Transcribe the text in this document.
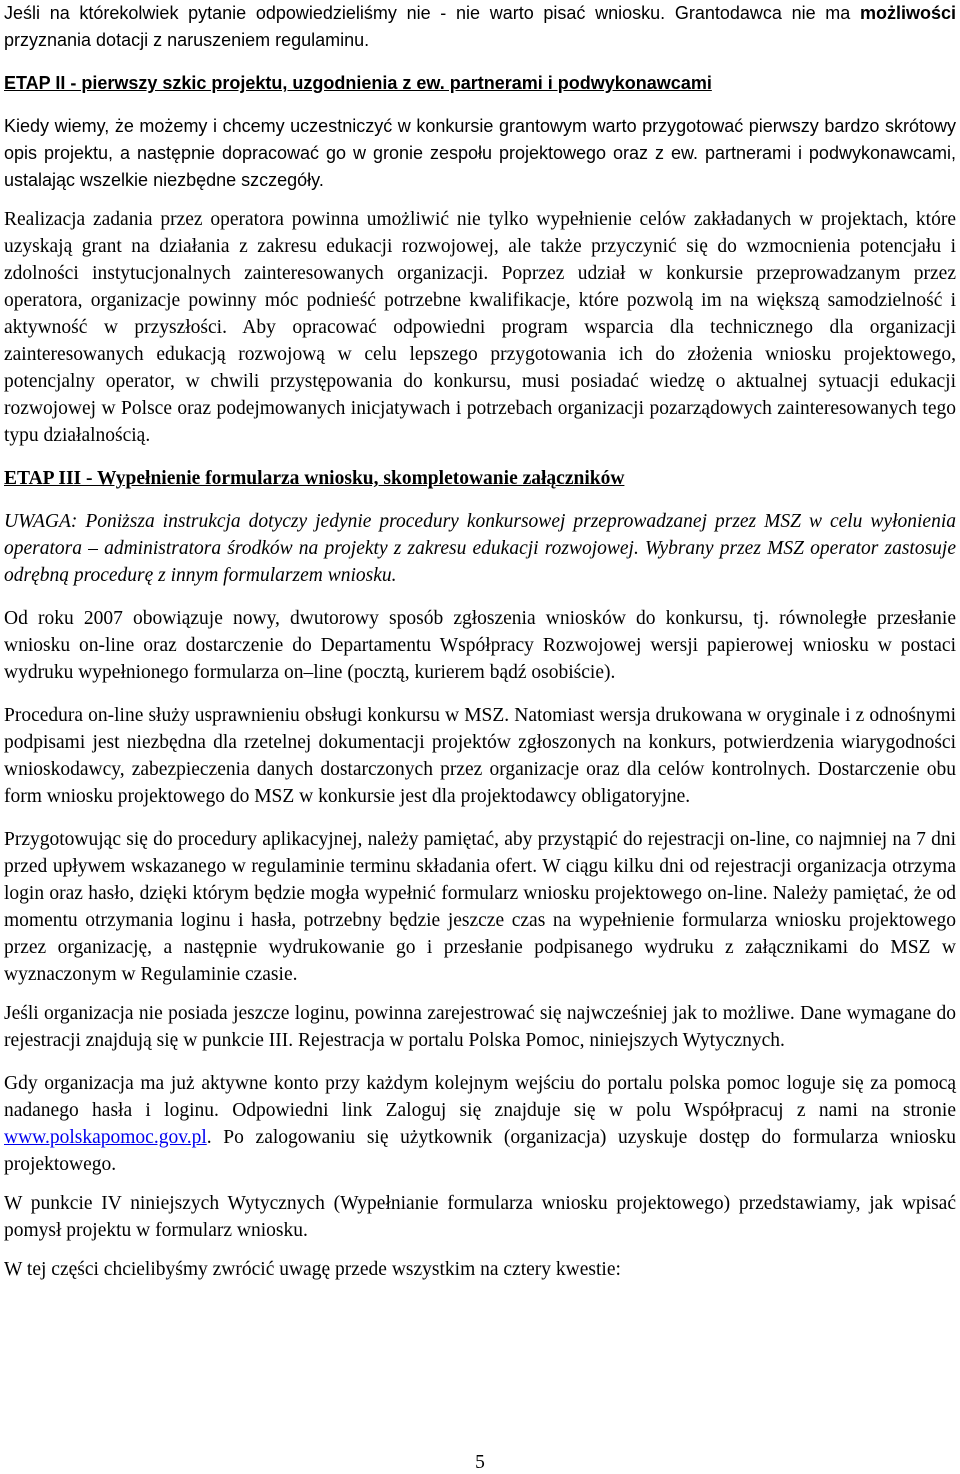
Jeśli na którekolwiek pytanie odpowiedzieliśmy nie - nie warto pisać wniosku. Grantodawca nie ma możliwości przyznania dotacji z naruszeniem regulaminu.

ETAP II - pierwszy szkic projektu, uzgodnienia z ew. partnerami i podwykonawcami

Kiedy wiemy, że możemy i chcemy uczestniczyć w konkursie grantowym warto przygotować pierwszy bardzo skrótowy opis projektu, a następnie dopracować go w gronie zespołu projektowego oraz z ew. partnerami i podwykonawcami, ustalając wszelkie niezbędne szczegóły.

Realizacja zadania przez operatora powinna umożliwić nie tylko wypełnienie celów zakładanych w projektach, które uzyskają grant na działania z zakresu edukacji rozwojowej, ale także przyczynić się do wzmocnienia potencjału i zdolności instytucjonalnych zainteresowanych organizacji. Poprzez udział w konkursie przeprowadzanym przez operatora, organizacje powinny móc podnieść potrzebne kwalifikacje, które pozwolą im na większą samodzielność i aktywność w przyszłości. Aby opracować odpowiedni program wsparcia dla technicznego dla organizacji zainteresowanych edukacją rozwojową w celu lepszego przygotowania ich do złożenia wniosku projektowego, potencjalny operator, w chwili przystępowania do konkursu, musi posiadać wiedzę o aktualnej sytuacji edukacji rozwojowej w Polsce oraz podejmowanych inicjatywach i potrzebach organizacji pozarządowych zainteresowanych tego typu działalnością.

ETAP III - Wypełnienie formularza wniosku, skompletowanie załączników

UWAGA: Poniższa instrukcja dotyczy jedynie procedury konkursowej przeprowadzanej przez MSZ w celu wyłonienia operatora – administratora środków na projekty z zakresu edukacji rozwojowej. Wybrany przez MSZ operator zastosuje odrębną procedurę z innym formularzem wniosku.

Od roku 2007 obowiązuje nowy, dwutorowy sposób zgłoszenia wniosków do konkursu, tj. równoległe przesłanie wniosku on-line oraz dostarczenie do Departamentu Współpracy Rozwojowej wersji papierowej wniosku w postaci wydruku wypełnionego formularza on–line (pocztą, kurierem bądź osobiście).

Procedura on-line służy usprawnieniu obsługi konkursu w MSZ. Natomiast wersja drukowana w oryginale i z odnośnymi podpisami jest niezbędna dla rzetelnej dokumentacji projektów zgłoszonych na konkurs, potwierdzenia wiarygodności wnioskodawcy, zabezpieczenia danych dostarczonych przez organizacje oraz dla celów kontrolnych. Dostarczenie obu form wniosku projektowego do MSZ w konkursie jest dla projektodawcy obligatoryjne.

Przygotowując się do procedury aplikacyjnej, należy pamiętać, aby przystąpić do rejestracji on-line, co najmniej na 7 dni przed upływem wskazanego w regulaminie terminu składania ofert. W ciągu kilku dni od rejestracji organizacja otrzyma login oraz hasło, dzięki którym będzie mogła wypełnić formularz wniosku projektowego on-line. Należy pamiętać, że od momentu otrzymania loginu i hasła, potrzebny będzie jeszcze czas na wypełnienie formularza wniosku projektowego przez organizację, a następnie wydrukowanie go i przesłanie podpisanego wydruku z załącznikami do MSZ w wyznaczonym w Regulaminie czasie.

Jeśli organizacja nie posiada jeszcze loginu, powinna zarejestrować się najwcześniej jak to możliwe. Dane wymagane do rejestracji znajdują się w punkcie III. Rejestracja w portalu Polska Pomoc, niniejszych Wytycznych.

Gdy organizacja ma już aktywne konto przy każdym kolejnym wejściu do portalu polska pomoc loguje się za pomocą nadanego hasła i loginu. Odpowiedni link Zaloguj się znajduje się w polu Współpracuj z nami na stronie www.polskapomoc.gov.pl. Po zalogowaniu się użytkownik (organizacja) uzyskuje dostęp do formularza wniosku projektowego.

W punkcie IV niniejszych Wytycznych (Wypełnianie formularza wniosku projektowego) przedstawiamy, jak wpisać pomysł projektu w formularz wniosku.

W tej części chcielibyśmy zwrócić uwagę przede wszystkim na cztery kwestie:

5
